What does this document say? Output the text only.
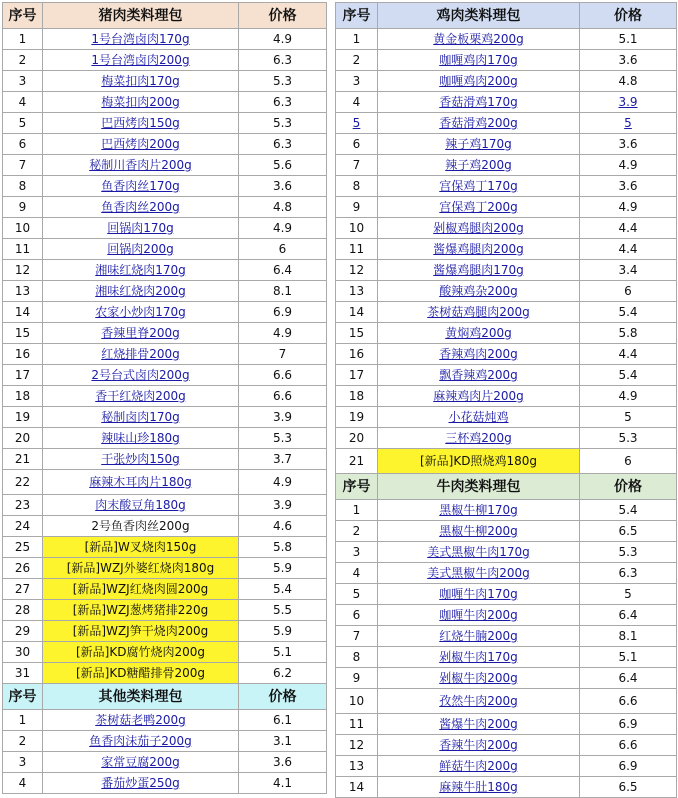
序号	猪肉类料理包	价格
1	1号台湾卤肉170g	4.9
2	1号台湾卤肉200g	6.3
3	梅菜扣肉170g	5.3
4	梅菜扣肉200g	6.3
5	巴西烤肉150g	5.3
6	巴西烤肉200g	6.3
7	秘制川香肉片200g	5.6
8	鱼香肉丝170g	3.6
9	鱼香肉丝200g	4.8
10	回锅肉170g	4.9
11	回锅肉200g	6
12	湘味红烧肉170g	6.4
13	湘味红烧肉200g	8.1
14	农家小炒肉170g	6.9
15	香辣里脊200g	4.9
16	红烧排骨200g	7
17	2号台式卤肉200g	6.6
18	香干红烧肉200g	6.6
19	秘制卤肉170g	3.9
20	辣味山珍180g	5.3
21	干张炒肉150g	3.7
22	麻辣木耳肉片180g	4.9
23	肉末酸豆角180g	3.9
24	2号鱼香肉丝200g	4.6
25	[新品]W叉烧肉150g	5.8
26	[新品]WZJ外婆红烧肉180g	5.9
27	[新品]WZJ红烧肉圆200g	5.4
28	[新品]WZJ葱烤猪排220g	5.5
29	[新品]WZJ笋干烧肉200g	5.9
30	[新品]KD腐竹烧肉200g	5.1
31	[新品]KD糖醋排骨200g	6.2
序号	其他类料理包	价格
1	茶树菇老鸭200g	6.1
2	鱼香肉沫茄子200g	3.1
3	家常豆腐200g	3.6
4	番茄炒蛋250g	4.1
序号	鸡肉类料理包	价格
1	黄金板栗鸡200g	5.1
2	咖喱鸡肉170g	3.6
3	咖喱鸡肉200g	4.8
4	香菇滑鸡170g	3.9
5	香菇滑鸡200g	5
6	辣子鸡170g	3.6
7	辣子鸡200g	4.9
8	宫保鸡丁170g	3.6
9	宫保鸡丁200g	4.9
10	剁椒鸡腿肉200g	4.4
11	酱爆鸡腿肉200g	4.4
12	酱爆鸡腿肉170g	3.4
13	酸辣鸡杂200g	6
14	茶树菇鸡腿肉200g	5.4
15	黄焖鸡200g	5.8
16	香辣鸡肉200g	4.4
17	飘香辣鸡200g	5.4
18	麻辣鸡肉片200g	4.9
19	小花菇炖鸡	5
20	三杯鸡200g	5.3
21	[新品]KD照烧鸡180g	6
序号	牛肉类料理包	价格
1	黑椒牛柳170g	5.4
2	黑椒牛柳200g	6.5
3	美式黑椒牛肉170g	5.3
4	美式黑椒牛肉200g	6.3
5	咖喱牛肉170g	5
6	咖喱牛肉200g	6.4
7	红烧牛腩200g	8.1
8	剁椒牛肉170g	5.1
9	剁椒牛肉200g	6.4
10	孜然牛肉200g	6.6
11	酱爆牛肉200g	6.9
12	香辣牛肉200g	6.6
13	鲜菇牛肉200g	6.9
14	麻辣牛肚180g	6.5
